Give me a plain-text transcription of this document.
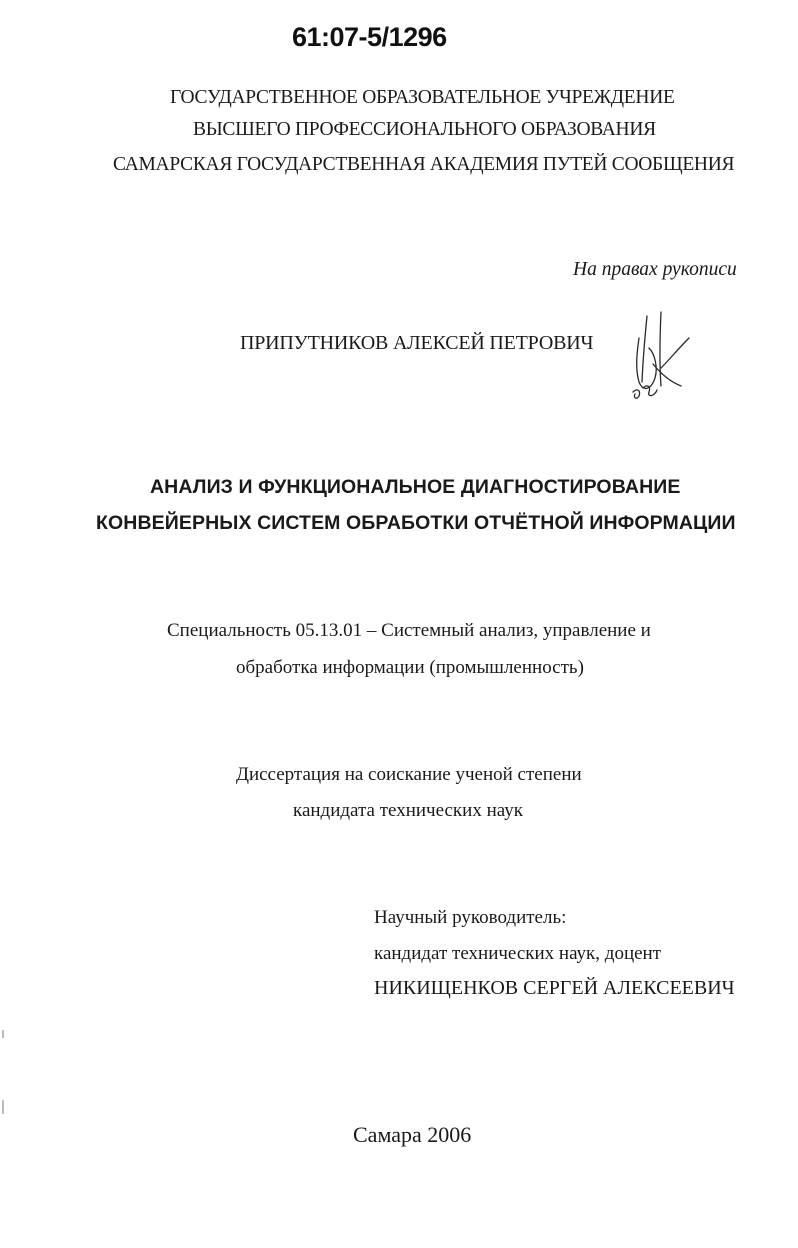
61:07-5/1296
ГОСУДАРСТВЕННОЕ ОБРАЗОВАТЕЛЬНОЕ УЧРЕЖДЕНИЕ
ВЫСШЕГО ПРОФЕССИОНАЛЬНОГО ОБРАЗОВАНИЯ
САМАРСКАЯ ГОСУДАРСТВЕННАЯ АКАДЕМИЯ ПУТЕЙ СООБЩЕНИЯ
На правах рукописи
ПРИПУТНИКОВ АЛЕКСЕЙ ПЕТРОВИЧ
АНАЛИЗ И ФУНКЦИОНАЛЬНОЕ ДИАГНОСТИРОВАНИЕ
КОНВЕЙЕРНЫХ СИСТЕМ ОБРАБОТКИ ОТЧЁТНОЙ ИНФОРМАЦИИ
Специальность 05.13.01 – Системный анализ, управление и
обработка информации (промышленность)
Диссертация на соискание ученой степени
кандидата технических наук
Научный руководитель:
кандидат технических наук, доцент
НИКИЩЕНКОВ СЕРГЕЙ АЛЕКСЕЕВИЧ
Самара 2006
